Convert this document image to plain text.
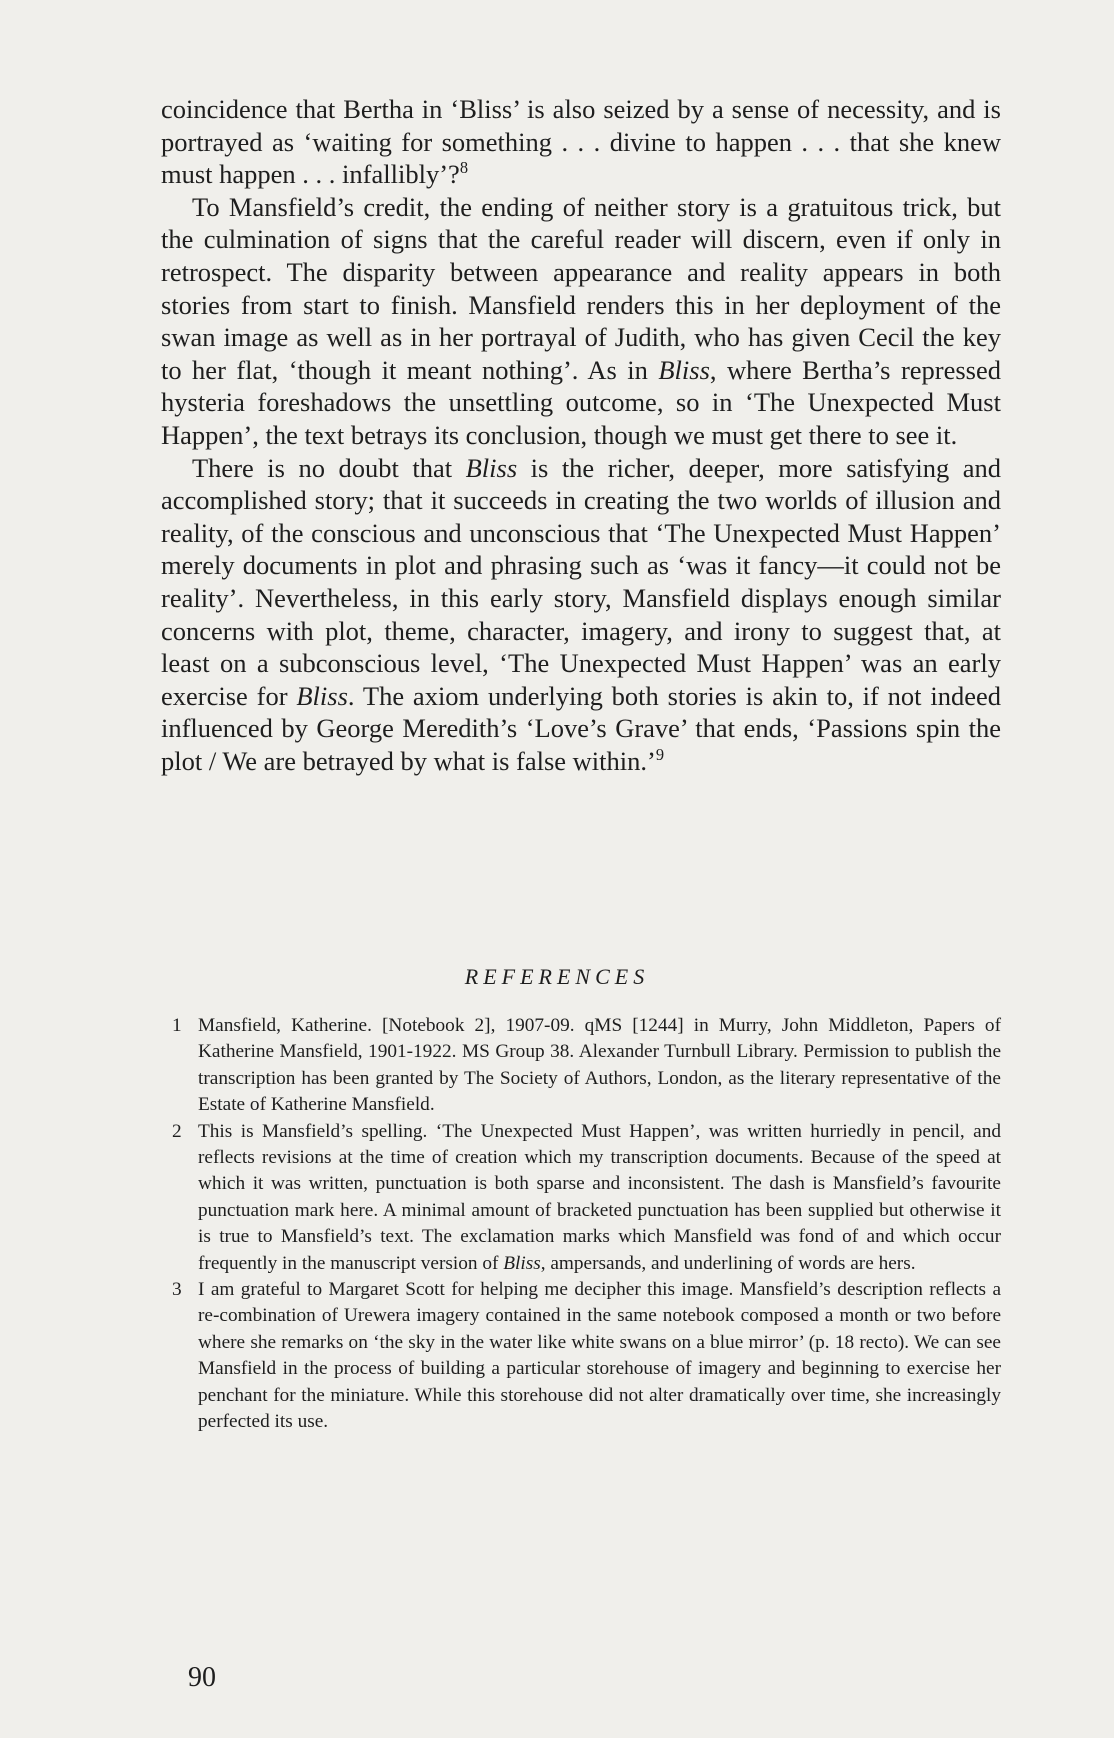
coincidence that Bertha in ‘Bliss’ is also seized by a sense of necessity, and is portrayed as ‘waiting for something . . . divine to happen . . . that she knew must happen . . . infallibly’?$^8$

To Mansfield’s credit, the ending of neither story is a gratuitous trick, but the culmination of signs that the careful reader will discern, even if only in retrospect. The disparity between appearance and reality appears in both stories from start to finish. Mansfield renders this in her deployment of the swan image as well as in her portrayal of Judith, who has given Cecil the key to her flat, ‘though it meant nothing’. As in Bliss, where Bertha’s repressed hysteria foreshadows the unsettling outcome, so in ‘The Unexpected Must Happen’, the text betrays its conclusion, though we must get there to see it.

There is no doubt that Bliss is the richer, deeper, more satisfying and accomplished story; that it succeeds in creating the two worlds of illusion and reality, of the conscious and unconscious that ‘The Unexpected Must Happen’ merely documents in plot and phrasing such as ‘was it fancy—it could not be reality’. Nevertheless, in this early story, Mansfield displays enough similar concerns with plot, theme, character, imagery, and irony to suggest that, at least on a subconscious level, ‘The Unexpected Must Happen’ was an early exercise for Bliss. The axiom underlying both stories is akin to, if not indeed influenced by George Meredith’s ‘Love’s Grave’ that ends, ‘Passions spin the plot / We are betrayed by what is false within.’$^9$

REFERENCES
1 Mansfield, Katherine. [Notebook 2], 1907-09. qMS [1244] in Murry, John Middleton, Papers of Katherine Mansfield, 1901-1922. MS Group 38. Alexander Turnbull Library. Permission to publish the transcription has been granted by The Society of Authors, London, as the literary representative of the Estate of Katherine Mansfield.
2 This is Mansfield’s spelling. ‘The Unexpected Must Happen’, was written hurriedly in pencil, and reflects revisions at the time of creation which my transcription documents. Because of the speed at which it was written, punctuation is both sparse and inconsistent. The dash is Mansfield’s favourite punctuation mark here. A minimal amount of bracketed punctuation has been supplied but otherwise it is true to Mansfield’s text. The exclamation marks which Mansfield was fond of and which occur frequently in the manuscript version of Bliss, ampersands, and underlining of words are hers.
3 I am grateful to Margaret Scott for helping me decipher this image. Mansfield’s description reflects a re-combination of Urewera imagery contained in the same notebook composed a month or two before where she remarks on ‘the sky in the water like white swans on a blue mirror’ (p. 18 recto). We can see Mansfield in the process of building a particular storehouse of imagery and beginning to exercise her penchant for the miniature. While this storehouse did not alter dramatically over time, she increasingly perfected its use.
90
